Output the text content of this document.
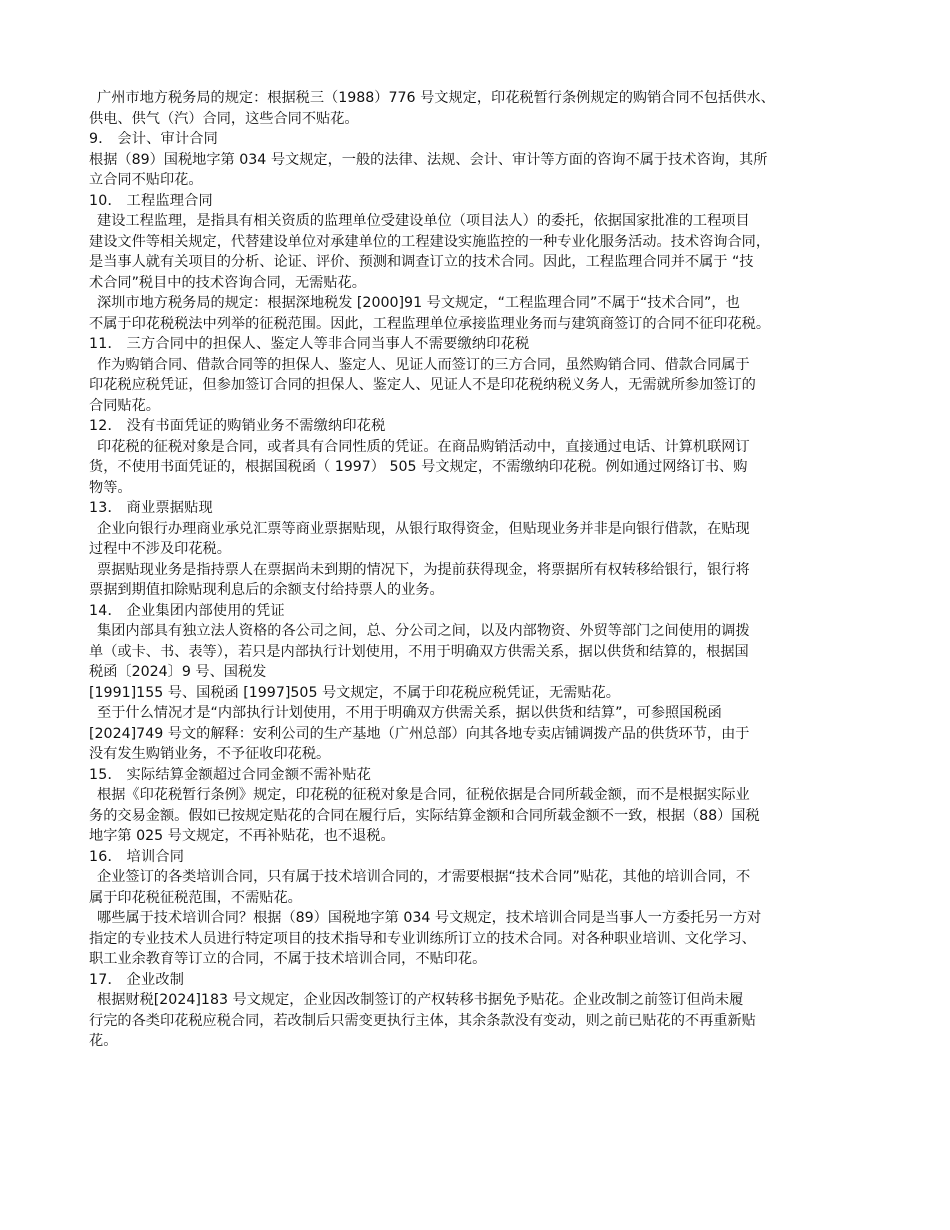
广州市地方税务局的规定：根据税三（1988）776 号文规定，印花税暂行条例规定的购销合同不包括供水、
供电、供气（汽）合同，这些合同不贴花。
9． 会计、审计合同
根据（89）国税地字第 034 号文规定，一般的法律、法规、会计、审计等方面的咨询不属于技术咨询，其所
立合同不贴印花。
10． 工程监理合同
建设工程监理，是指具有相关资质的监理单位受建设单位（项目法人）的委托，依据国家批准的工程项目
建设文件等相关规定，代替建设单位对承建单位的工程建设实施监控的一种专业化服务活动。技术咨询合同，
是当事人就有关项目的分析、论证、评价、预测和调查订立的技术合同。因此，工程监理合同并不属于 “技
术合同”税目中的技术咨询合同，无需贴花。
深圳市地方税务局的规定：根据深地税发 [2000]91 号文规定，“工程监理合同”不属于“技术合同”，也
不属于印花税税法中列举的征税范围。因此，工程监理单位承接监理业务而与建筑商签订的合同不征印花税。
11． 三方合同中的担保人、鉴定人等非合同当事人不需要缴纳印花税
作为购销合同、借款合同等的担保人、鉴定人、见证人而签订的三方合同，虽然购销合同、借款合同属于
印花税应税凭证，但参加签订合同的担保人、鉴定人、见证人不是印花税纳税义务人，无需就所参加签订的
合同贴花。
12． 没有书面凭证的购销业务不需缴纳印花税
印花税的征税对象是合同，或者具有合同性质的凭证。在商品购销活动中，直接通过电话、计算机联网订
货，不使用书面凭证的，根据国税函（ 1997） 505 号文规定，不需缴纳印花税。例如通过网络订书、购
物等。
13． 商业票据贴现
企业向银行办理商业承兑汇票等商业票据贴现，从银行取得资金，但贴现业务并非是向银行借款，在贴现
过程中不涉及印花税。
票据贴现业务是指持票人在票据尚未到期的情况下，为提前获得现金，将票据所有权转移给银行，银行将
票据到期值扣除贴现利息后的余额支付给持票人的业务。
14． 企业集团内部使用的凭证
集团内部具有独立法人资格的各公司之间，总、分公司之间，以及内部物资、外贸等部门之间使用的调拨
单（或卡、书、表等），若只是内部执行计划使用，不用于明确双方供需关系，据以供货和结算的，根据国
税函〔2024〕9 号、国税发
[1991]155 号、国税函 [1997]505 号文规定，不属于印花税应税凭证，无需贴花。
至于什么情况才是“内部执行计划使用，不用于明确双方供需关系，据以供货和结算”，可参照国税函
[2024]749 号文的解释：安利公司的生产基地（广州总部）向其各地专卖店铺调拨产品的供货环节，由于
没有发生购销业务，不予征收印花税。
15． 实际结算金额超过合同金额不需补贴花
根据《印花税暂行条例》规定，印花税的征税对象是合同，征税依据是合同所载金额，而不是根据实际业
务的交易金额。假如已按规定贴花的合同在履行后，实际结算金额和合同所载金额不一致，根据（88）国税
地字第 025 号文规定，不再补贴花，也不退税。
16． 培训合同
企业签订的各类培训合同，只有属于技术培训合同的，才需要根据“技术合同”贴花，其他的培训合同，不
属于印花税征税范围，不需贴花。
哪些属于技术培训合同？根据（89）国税地字第 034 号文规定，技术培训合同是当事人一方委托另一方对
指定的专业技术人员进行特定项目的技术指导和专业训练所订立的技术合同。对各种职业培训、文化学习、
职工业余教育等订立的合同，不属于技术培训合同，不贴印花。
17． 企业改制
根据财税[2024]183 号文规定，企业因改制签订的产权转移书据免予贴花。企业改制之前签订但尚未履
行完的各类印花税应税合同，若改制后只需变更执行主体，其余条款没有变动，则之前已贴花的不再重新贴
花。
